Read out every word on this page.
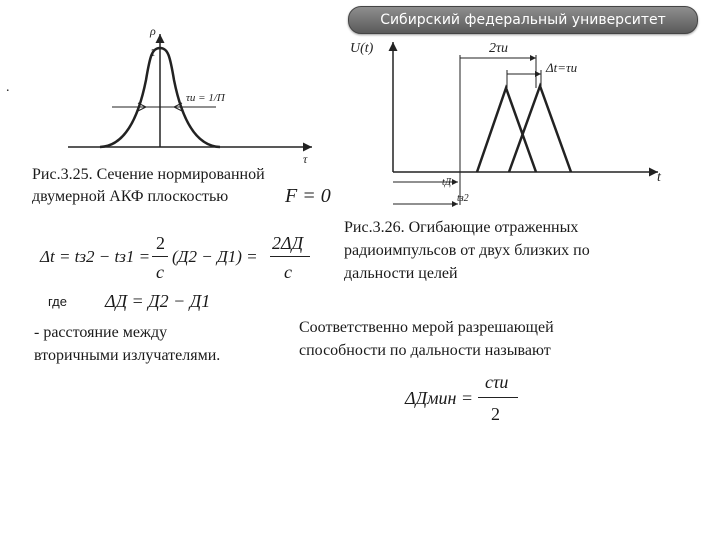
Сибирский федеральный университет
.
ρ
1
τ
τи = 1/П
Рис.3.25. Сечение нормированной
двумерной АКФ плоскостью	F = 0
U(t)	2τи
Δt=τи
t
tД
tз2
Рис.3.26. Огибающие отраженных
радиоимпульсов от двух близких по
дальности целей
Δt = tз2 − tз1 =
2
c
(Д2 − Д1) =
2ΔД
c
где ΔД = Д2 − Д1
- расстояние между
вторичными излучателями.
Соответственно мерой разрешающей
способности по дальности называют
ΔДмин =
cτи
2
